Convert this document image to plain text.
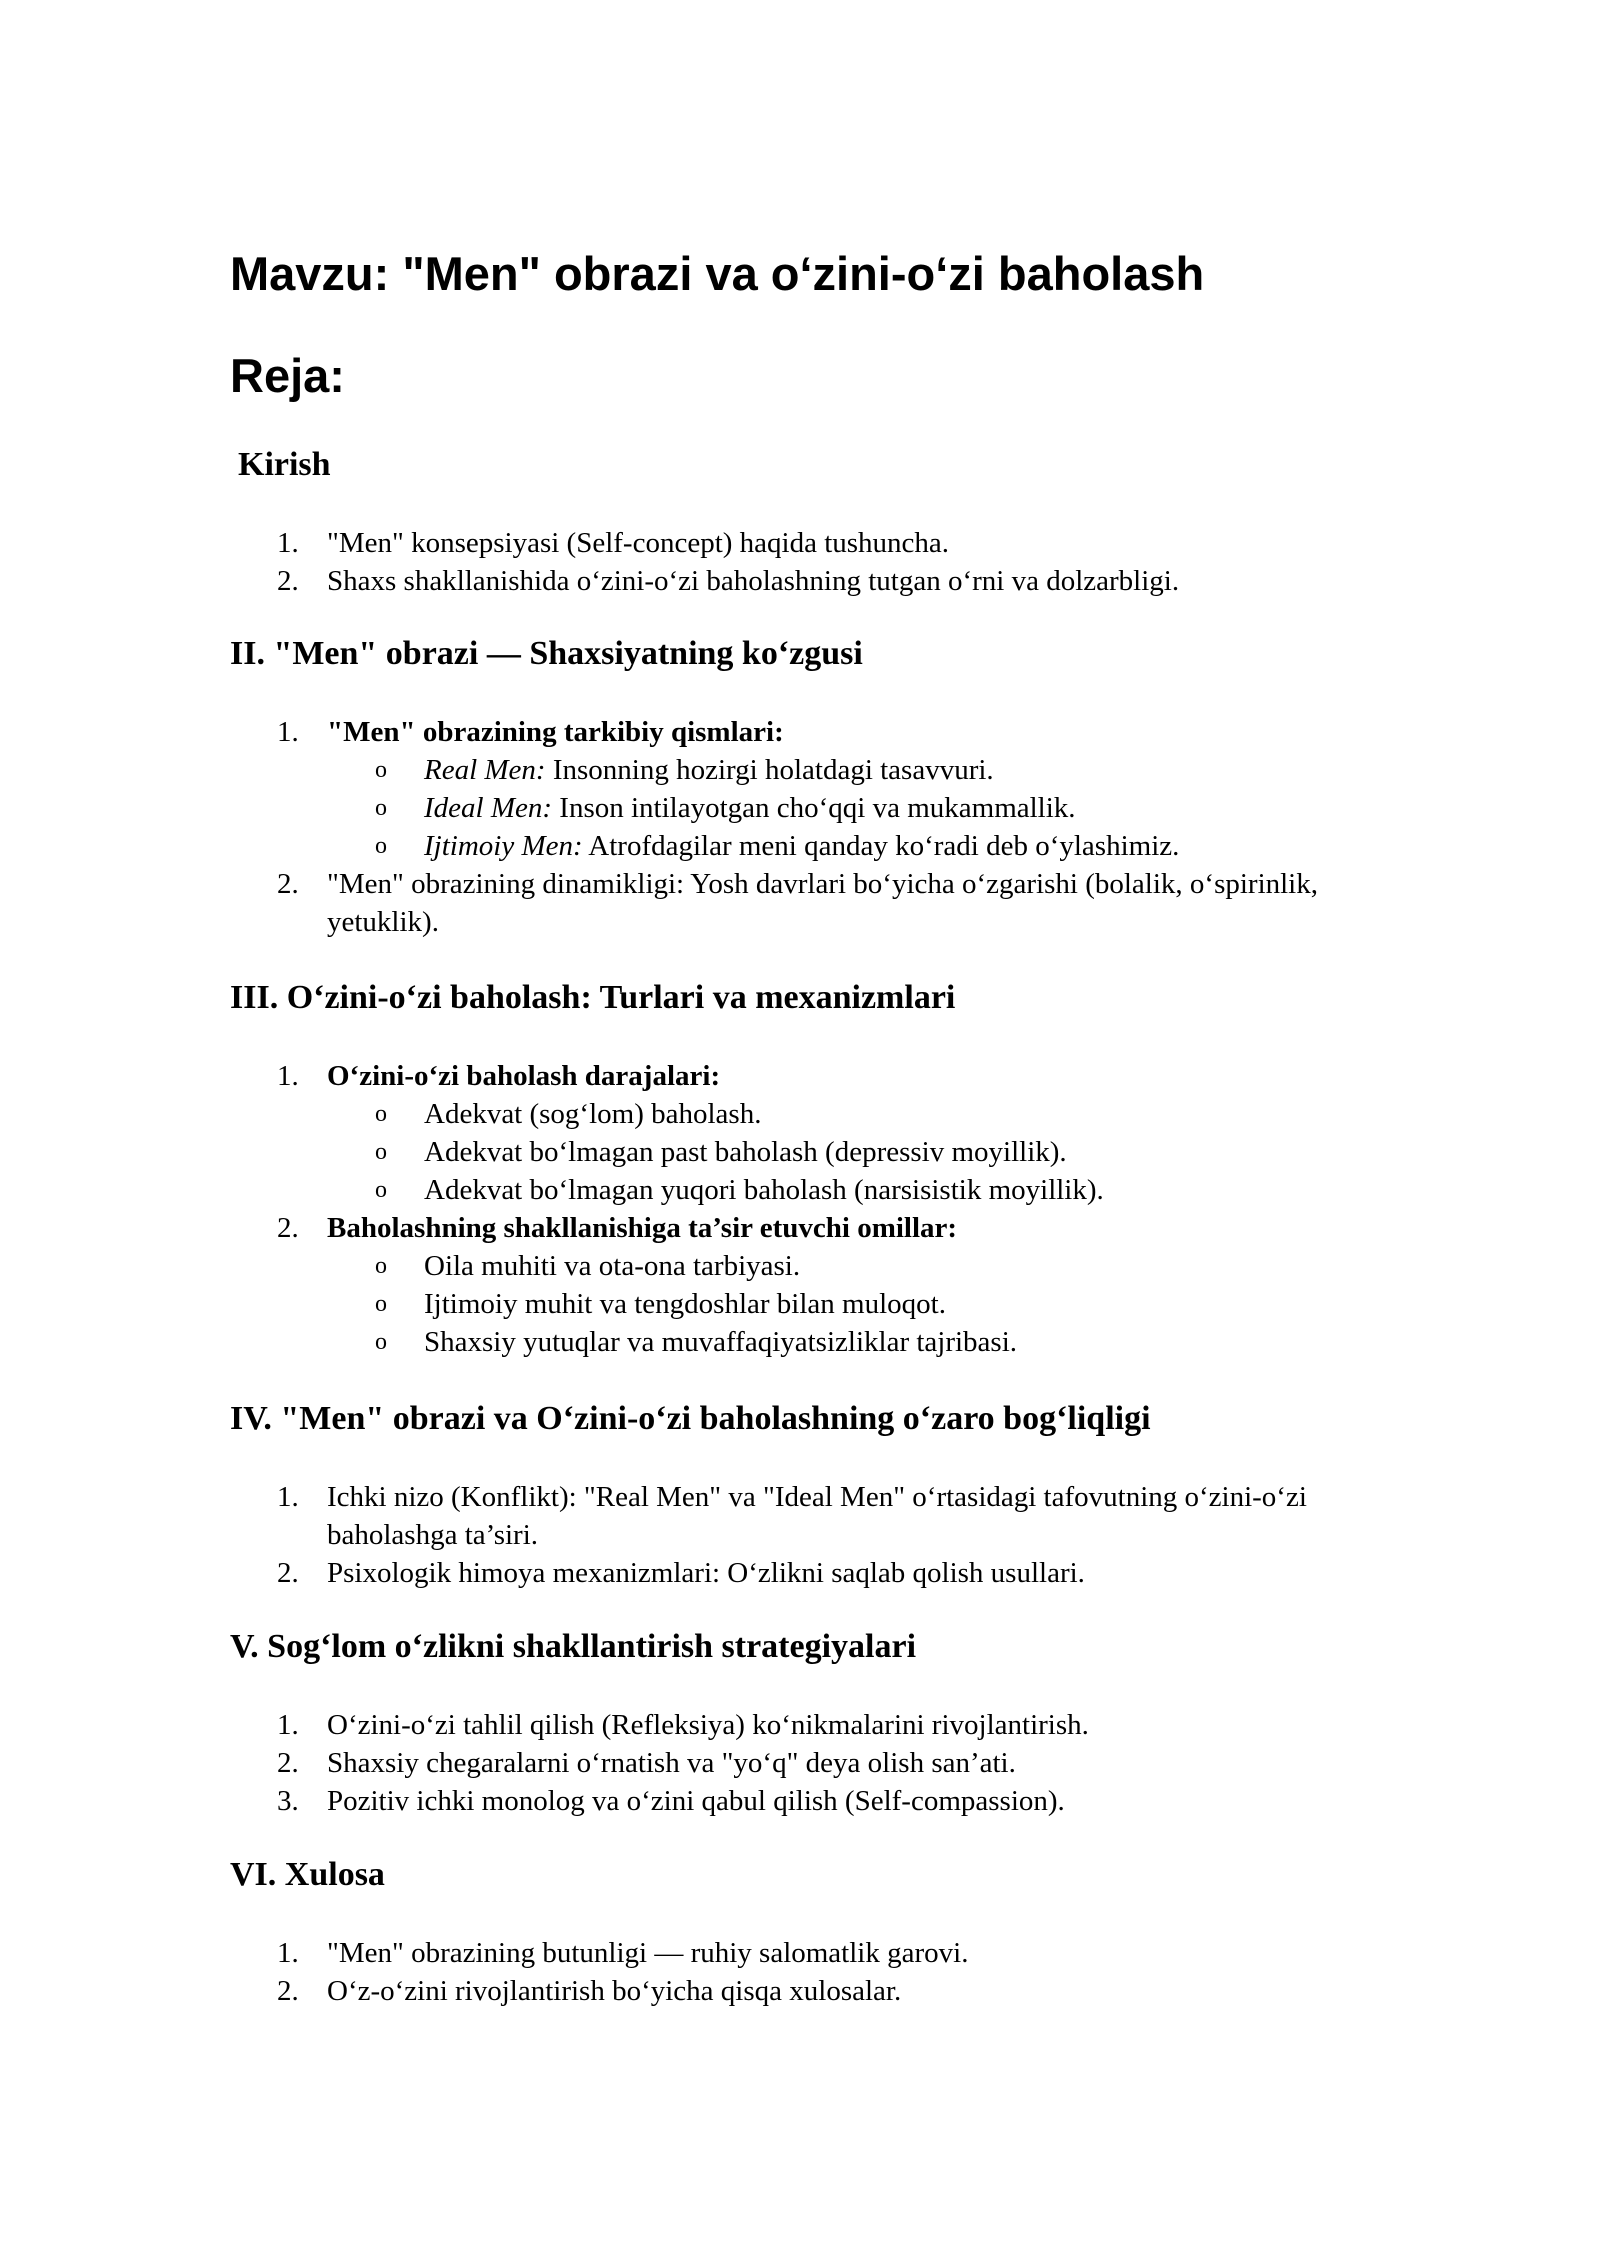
Mavzu: "Men" obrazi va o‘zini-o‘zi baholash
Reja:
Kirish
1. "Men" konsepsiyasi (Self-concept) haqida tushuncha.
2. Shaxs shakllanishida o‘zini-o‘zi baholashning tutgan o‘rni va dolzarbligi.
II. "Men" obrazi — Shaxsiyatning ko‘zgusi
1. "Men" obrazining tarkibiy qismlari:
o Real Men: Insonning hozirgi holatdagi tasavvuri.
o Ideal Men: Inson intilayotgan cho‘qqi va mukammallik.
o Ijtimoiy Men: Atrofdagilar meni qanday ko‘radi deb o‘ylashimiz.
2. "Men" obrazining dinamikligi: Yosh davrlari bo‘yicha o‘zgarishi (bolalik, o‘spirinlik,
yetuklik).
III. O‘zini-o‘zi baholash: Turlari va mexanizmlari
1. O‘zini-o‘zi baholash darajalari:
o Adekvat (sog‘lom) baholash.
o Adekvat bo‘lmagan past baholash (depressiv moyillik).
o Adekvat bo‘lmagan yuqori baholash (narsisistik moyillik).
2. Baholashning shakllanishiga ta’sir etuvchi omillar:
o Oila muhiti va ota-ona tarbiyasi.
o Ijtimoiy muhit va tengdoshlar bilan muloqot.
o Shaxsiy yutuqlar va muvaffaqiyatsizliklar tajribasi.
IV. "Men" obrazi va O‘zini-o‘zi baholashning o‘zaro bog‘liqligi
1. Ichki nizo (Konflikt): "Real Men" va "Ideal Men" o‘rtasidagi tafovutning o‘zini-o‘zi
baholashga ta’siri.
2. Psixologik himoya mexanizmlari: O‘zlikni saqlab qolish usullari.
V. Sog‘lom o‘zlikni shakllantirish strategiyalari
1. O‘zini-o‘zi tahlil qilish (Refleksiya) ko‘nikmalarini rivojlantirish.
2. Shaxsiy chegaralarni o‘rnatish va "yo‘q" deya olish san’ati.
3. Pozitiv ichki monolog va o‘zini qabul qilish (Self-compassion).
VI. Xulosa
1. "Men" obrazining butunligi — ruhiy salomatlik garovi.
2. O‘z-o‘zini rivojlantirish bo‘yicha qisqa xulosalar.
